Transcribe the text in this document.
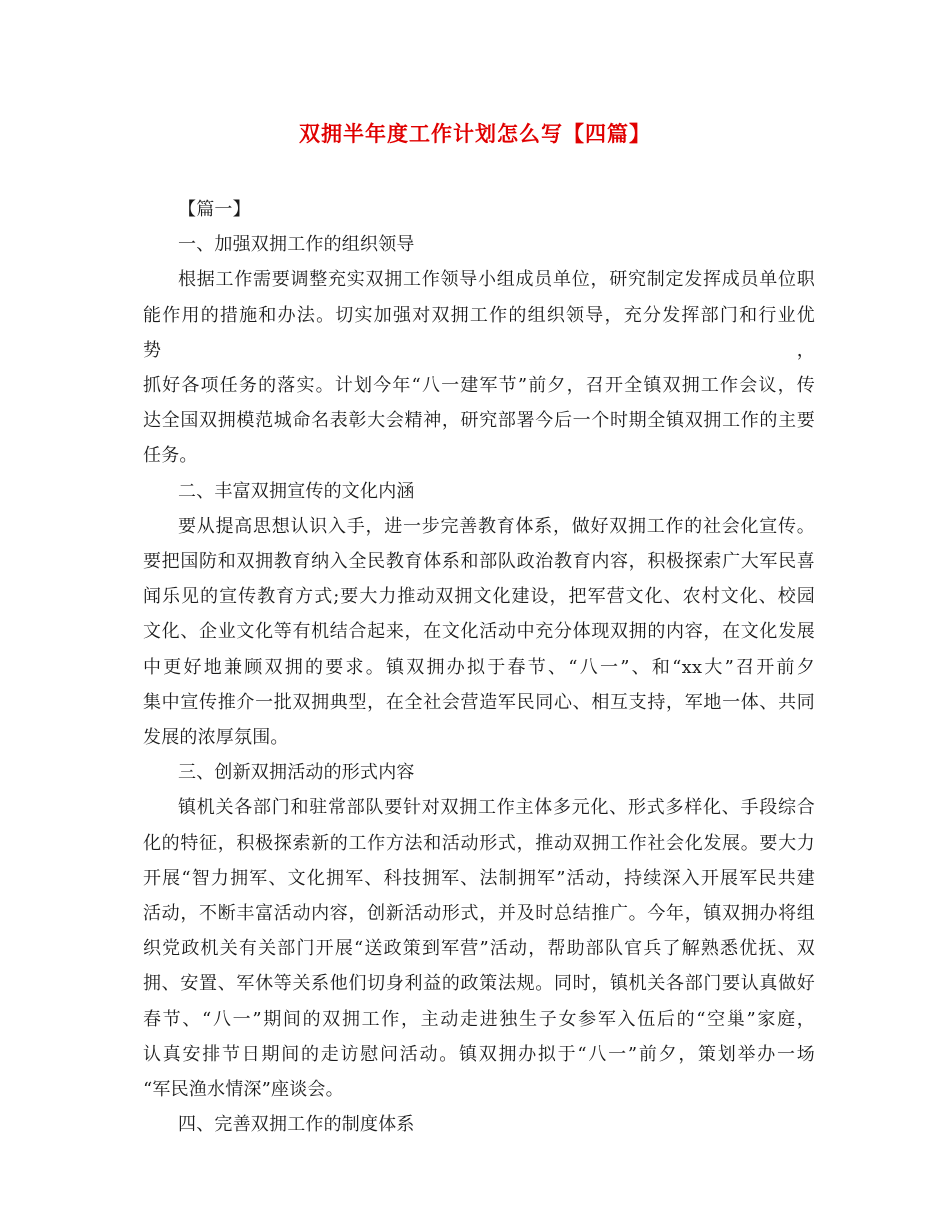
双拥半年度工作计划怎么写【四篇】

【篇一】

一、加强双拥工作的组织领导

根据工作需要调整充实双拥工作领导小组成员单位，研究制定发挥成员单位职

能作用的措施和办法。切实加强对双拥工作的组织领导，充分发挥部门和行业优势，

抓好各项任务的落实。计划今年“八一建军节”前夕，召开全镇双拥工作会议，传

达全国双拥模范城命名表彰大会精神，研究部署今后一个时期全镇双拥工作的主要

任务。

二、丰富双拥宣传的文化内涵

要从提高思想认识入手，进一步完善教育体系，做好双拥工作的社会化宣传。

要把国防和双拥教育纳入全民教育体系和部队政治教育内容，积极探索广大军民喜

闻乐见的宣传教育方式;要大力推动双拥文化建设，把军营文化、农村文化、校园

文化、企业文化等有机结合起来，在文化活动中充分体现双拥的内容，在文化发展

中更好地兼顾双拥的要求。镇双拥办拟于春节、“八一”、和“xx大”召开前夕

集中宣传推介一批双拥典型，在全社会营造军民同心、相互支持，军地一体、共同

发展的浓厚氛围。

三、创新双拥活动的形式内容

镇机关各部门和驻常部队要针对双拥工作主体多元化、形式多样化、手段综合

化的特征，积极探索新的工作方法和活动形式，推动双拥工作社会化发展。要大力

开展“智力拥军、文化拥军、科技拥军、法制拥军”活动，持续深入开展军民共建

活动，不断丰富活动内容，创新活动形式，并及时总结推广。今年，镇双拥办将组

织党政机关有关部门开展“送政策到军营”活动，帮助部队官兵了解熟悉优抚、双

拥、安置、军休等关系他们切身利益的政策法规。同时，镇机关各部门要认真做好

春节、“八一”期间的双拥工作，主动走进独生子女参军入伍后的“空巢”家庭，

认真安排节日期间的走访慰问活动。镇双拥办拟于“八一”前夕，策划举办一场

“军民渔水情深”座谈会。

四、完善双拥工作的制度体系
